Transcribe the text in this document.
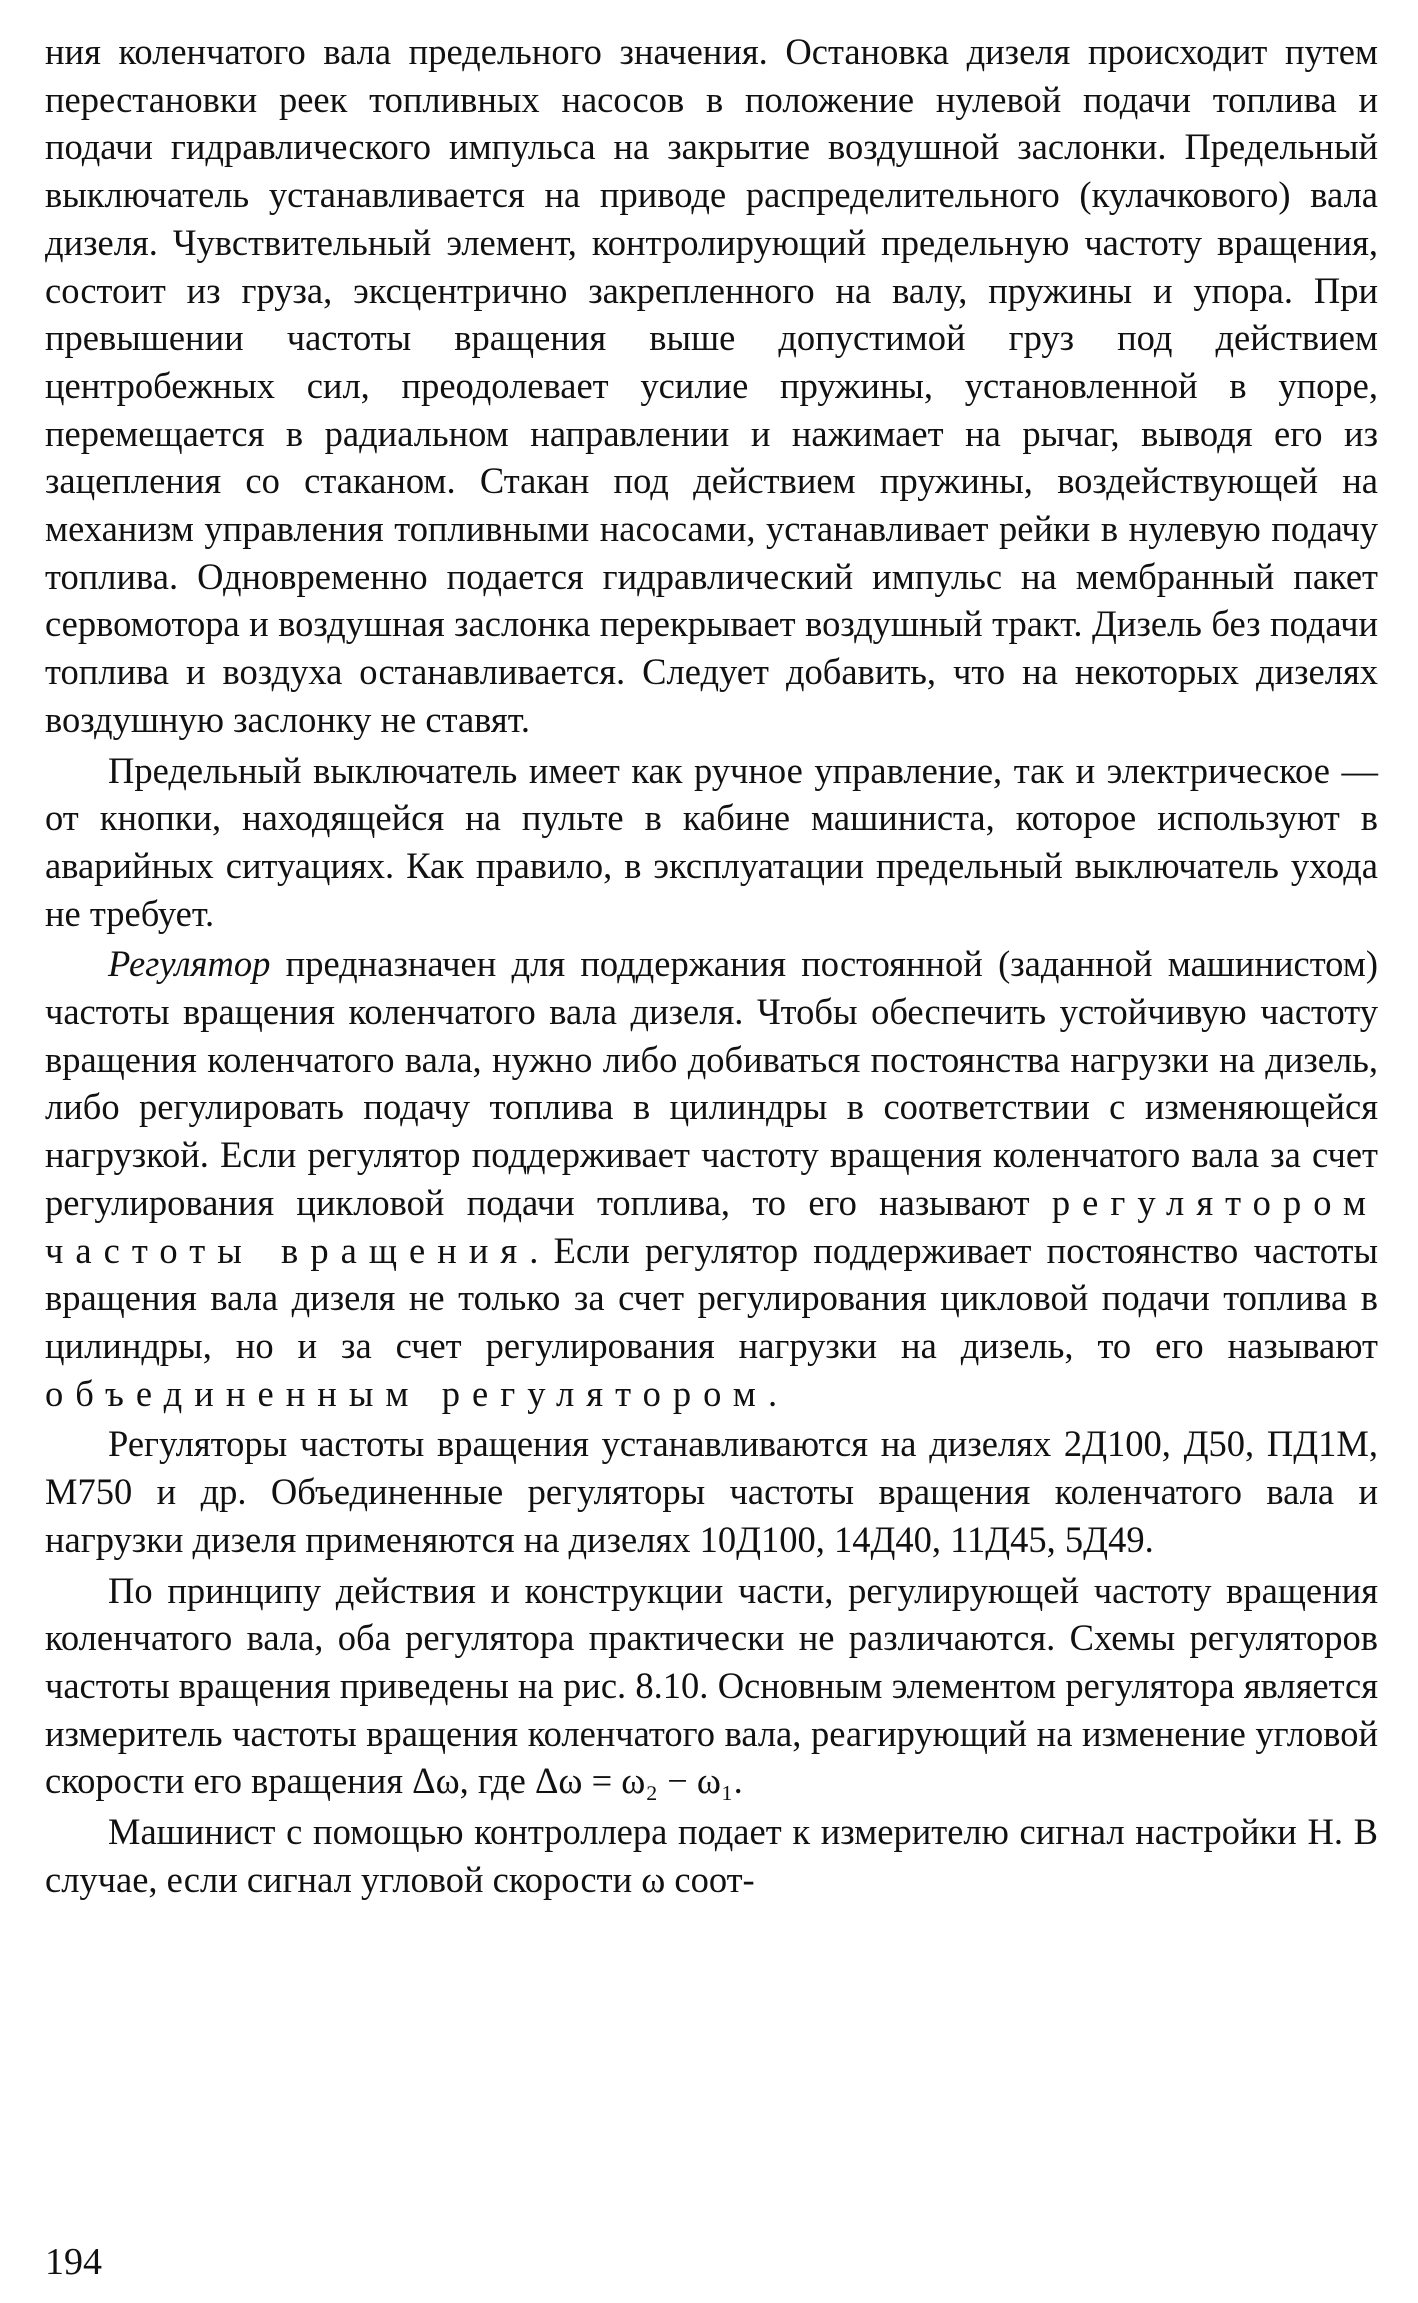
ния коленчатого вала предельного значения. Остановка дизеля происходит путем перестановки реек топливных насосов в положение нулевой подачи топлива и подачи гидравлического импульса на закрытие воздушной заслонки. Предельный выключатель устанавливается на приводе распределительного (кулачкового) вала дизеля. Чувствительный элемент, контролирующий предельную частоту вращения, состоит из груза, эксцентрично закрепленного на валу, пружины и упора. При превышении частоты вращения выше допустимой груз под действием центробежных сил, преодолевает усилие пружины, установленной в упоре, перемещается в радиальном направлении и нажимает на рычаг, выводя его из зацепления со стаканом. Стакан под действием пружины, воздействующей на механизм управления топливными насосами, устанавливает рейки в нулевую подачу топлива. Одновременно подается гидравлический импульс на мембранный пакет сервомотора и воздушная заслонка перекрывает воздушный тракт. Дизель без подачи топлива и воздуха останавливается. Следует добавить, что на некоторых дизелях воздушную заслонку не ставят.

Предельный выключатель имеет как ручное управление, так и электрическое — от кнопки, находящейся на пульте в кабине машиниста, которое используют в аварийных ситуациях. Как правило, в эксплуатации предельный выключатель ухода не требует.

Регулятор предназначен для поддержания постоянной (заданной машинистом) частоты вращения коленчатого вала дизеля. Чтобы обеспечить устойчивую частоту вращения коленчатого вала, нужно либо добиваться постоянства нагрузки на дизель, либо регулировать подачу топлива в цилиндры в соответствии с изменяющейся нагрузкой. Если регулятор поддерживает частоту вращения коленчатого вала за счет регулирования цикловой подачи топлива, то его называют регулятором частоты вращения. Если регулятор поддерживает постоянство частоты вращения вала дизеля не только за счет регулирования цикловой подачи топлива в цилиндры, но и за счет регулирования нагрузки на дизель, то его называют объединенным регулятором.

Регуляторы частоты вращения устанавливаются на дизелях 2Д100, Д50, ПД1М, М750 и др. Объединенные регуляторы частоты вращения коленчатого вала и нагрузки дизеля применяются на дизелях 10Д100, 14Д40, 11Д45, 5Д49.

По принципу действия и конструкции части, регулирующей частоту вращения коленчатого вала, оба регулятора практически не различаются. Схемы регуляторов частоты вращения приведены на рис. 8.10. Основным элементом регулятора является измеритель частоты вращения коленчатого вала, реагирующий на изменение угловой скорости его вращения Δω, где Δω = ω₂ − ω₁.

Машинист с помощью контроллера подает к измерителю сигнал настройки Н. В случае, если сигнал угловой скорости ω соот-

194
